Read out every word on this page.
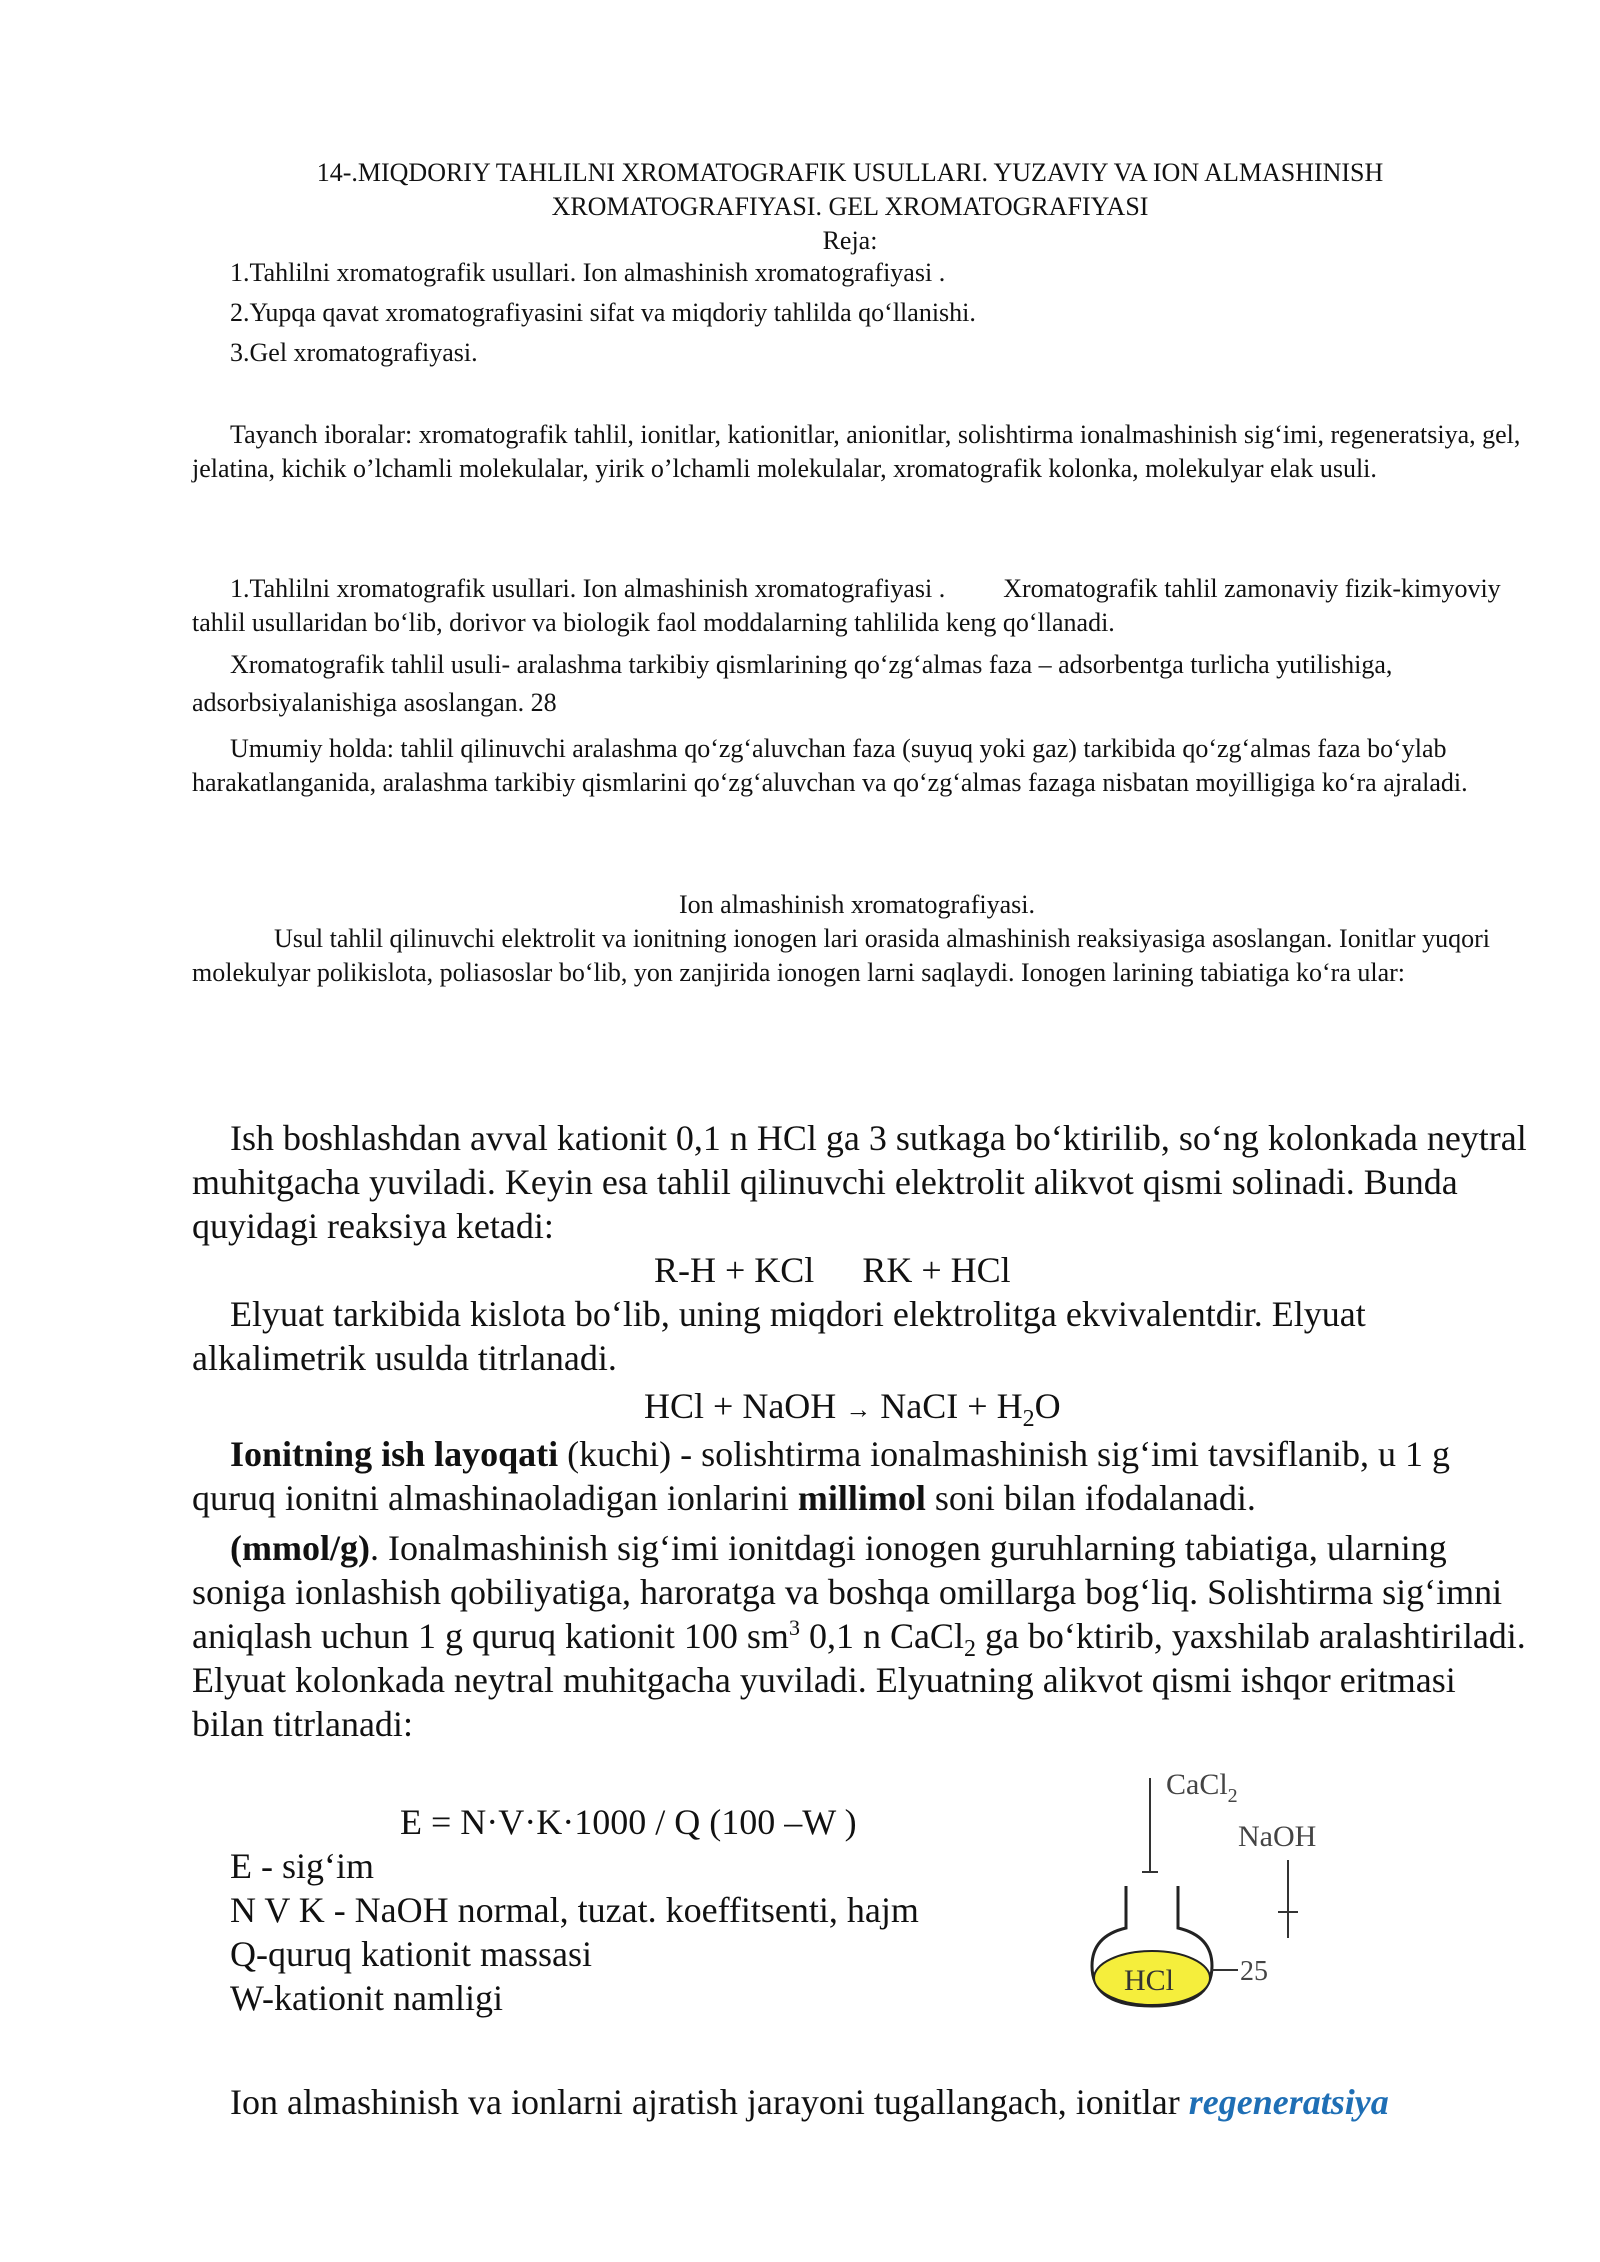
14-.MIQDORIY TAHLILNI XROMATOGRAFIK USULLARI. YUZAVIY VA ION ALMASHINISH
XROMATOGRAFIYASI. GEL XROMATOGRAFIYASI
Reja:
1.Tahlilni xromatografik usullari. Ion almashinish xromatografiyasi .
2.Yupqa qavat xromatografiyasini sifat va miqdoriy tahlilda qo‘llanishi.
3.Gel xromatografiyasi.
Tayanch iboralar: xromatografik tahlil, ionitlar, kationitlar, anionitlar, solishtirma ionalmashinish sig‘imi, regeneratsiya, gel, jelatina, kichik o’lchamli molekulalar, yirik o’lchamli molekulalar, xromatografik kolonka, molekulyar elak usuli.
1.Tahlilni xromatografik usullari. Ion almashinish xromatografiyasi . Xromatografik tahlil zamonaviy fizik-kimyoviy tahlil usullaridan bo‘lib, dorivor va biologik faol moddalarning tahlilida keng qo‘llanadi.
Xromatografik tahlil usuli- aralashma tarkibiy qismlarining qo‘zg‘almas faza – adsorbentga turlicha yutilishiga, adsorbsiyalanishiga asoslangan. 28
Umumiy holda: tahlil qilinuvchi aralashma qo‘zg‘aluvchan faza (suyuq yoki gaz) tarkibida qo‘zg‘almas faza bo‘ylab harakatlanganida, aralashma tarkibiy qismlarini qo‘zg‘aluvchan va qo‘zg‘almas fazaga nisbatan moyilligiga ko‘ra ajraladi.
Ion almashinish xromatografiyasi.
Usul tahlil qilinuvchi elektrolit va ionitning ionogen lari orasida almashinish reaksiyasiga asoslangan. Ionitlar yuqori molekulyar polikislota, poliasoslar bo‘lib, yon zanjirida ionogen larni saqlaydi. Ionogen larining tabiatiga ko‘ra ular:
Ish boshlashdan avval kationit 0,1 n HCl ga 3 sutkaga bo‘ktirilib, so‘ng kolonkada neytral muhitgacha yuviladi. Keyin esa tahlil qilinuvchi elektrolit alikvot qismi solinadi. Bunda quyidagi reaksiya ketadi:
R-H + KCl RK + HCl
Elyuat tarkibida kislota bo‘lib, uning miqdori elektrolitga ekvivalentdir. Elyuat alkalimetrik usulda titrlanadi.
HCl + NaOH → NaCI + $H_2O$
Ionitning ish layoqati (kuchi) - solishtirma ionalmashinish sig‘imi tavsiflanib, u 1 g quruq ionitni almashinaoladigan ionlarini millimol soni bilan ifodalanadi.
(mmol/g). Ionalmashinish sig‘imi ionitdagi ionogen guruhlarning tabiatiga, ularning soniga ionlashish qobiliyatiga, haroratga va boshqa omillarga bog‘liq. Solishtirma sig‘imni aniqlash uchun 1 g quruq kationit 100 $sm^3$ 0,1 n CaCl$_2$ ga bo‘ktirib, yaxshilab aralashtiriladi. Elyuat kolonkada neytral muhitgacha yuviladi. Elyuatning alikvot qismi ishqor eritmasi bilan titrlanadi:
E = N·V·K·1000 / Q (100 –W )
E - sig‘im
N V K - NaOH normal, tuzat. koeffitsenti, hajm
Q-quruq kationit massasi
W-kationit namligi
CaCl$_2$
NaOH
HCl 25
Ion almashinish va ionlarni ajratish jarayoni tugallangach, ionitlar regeneratsiya
